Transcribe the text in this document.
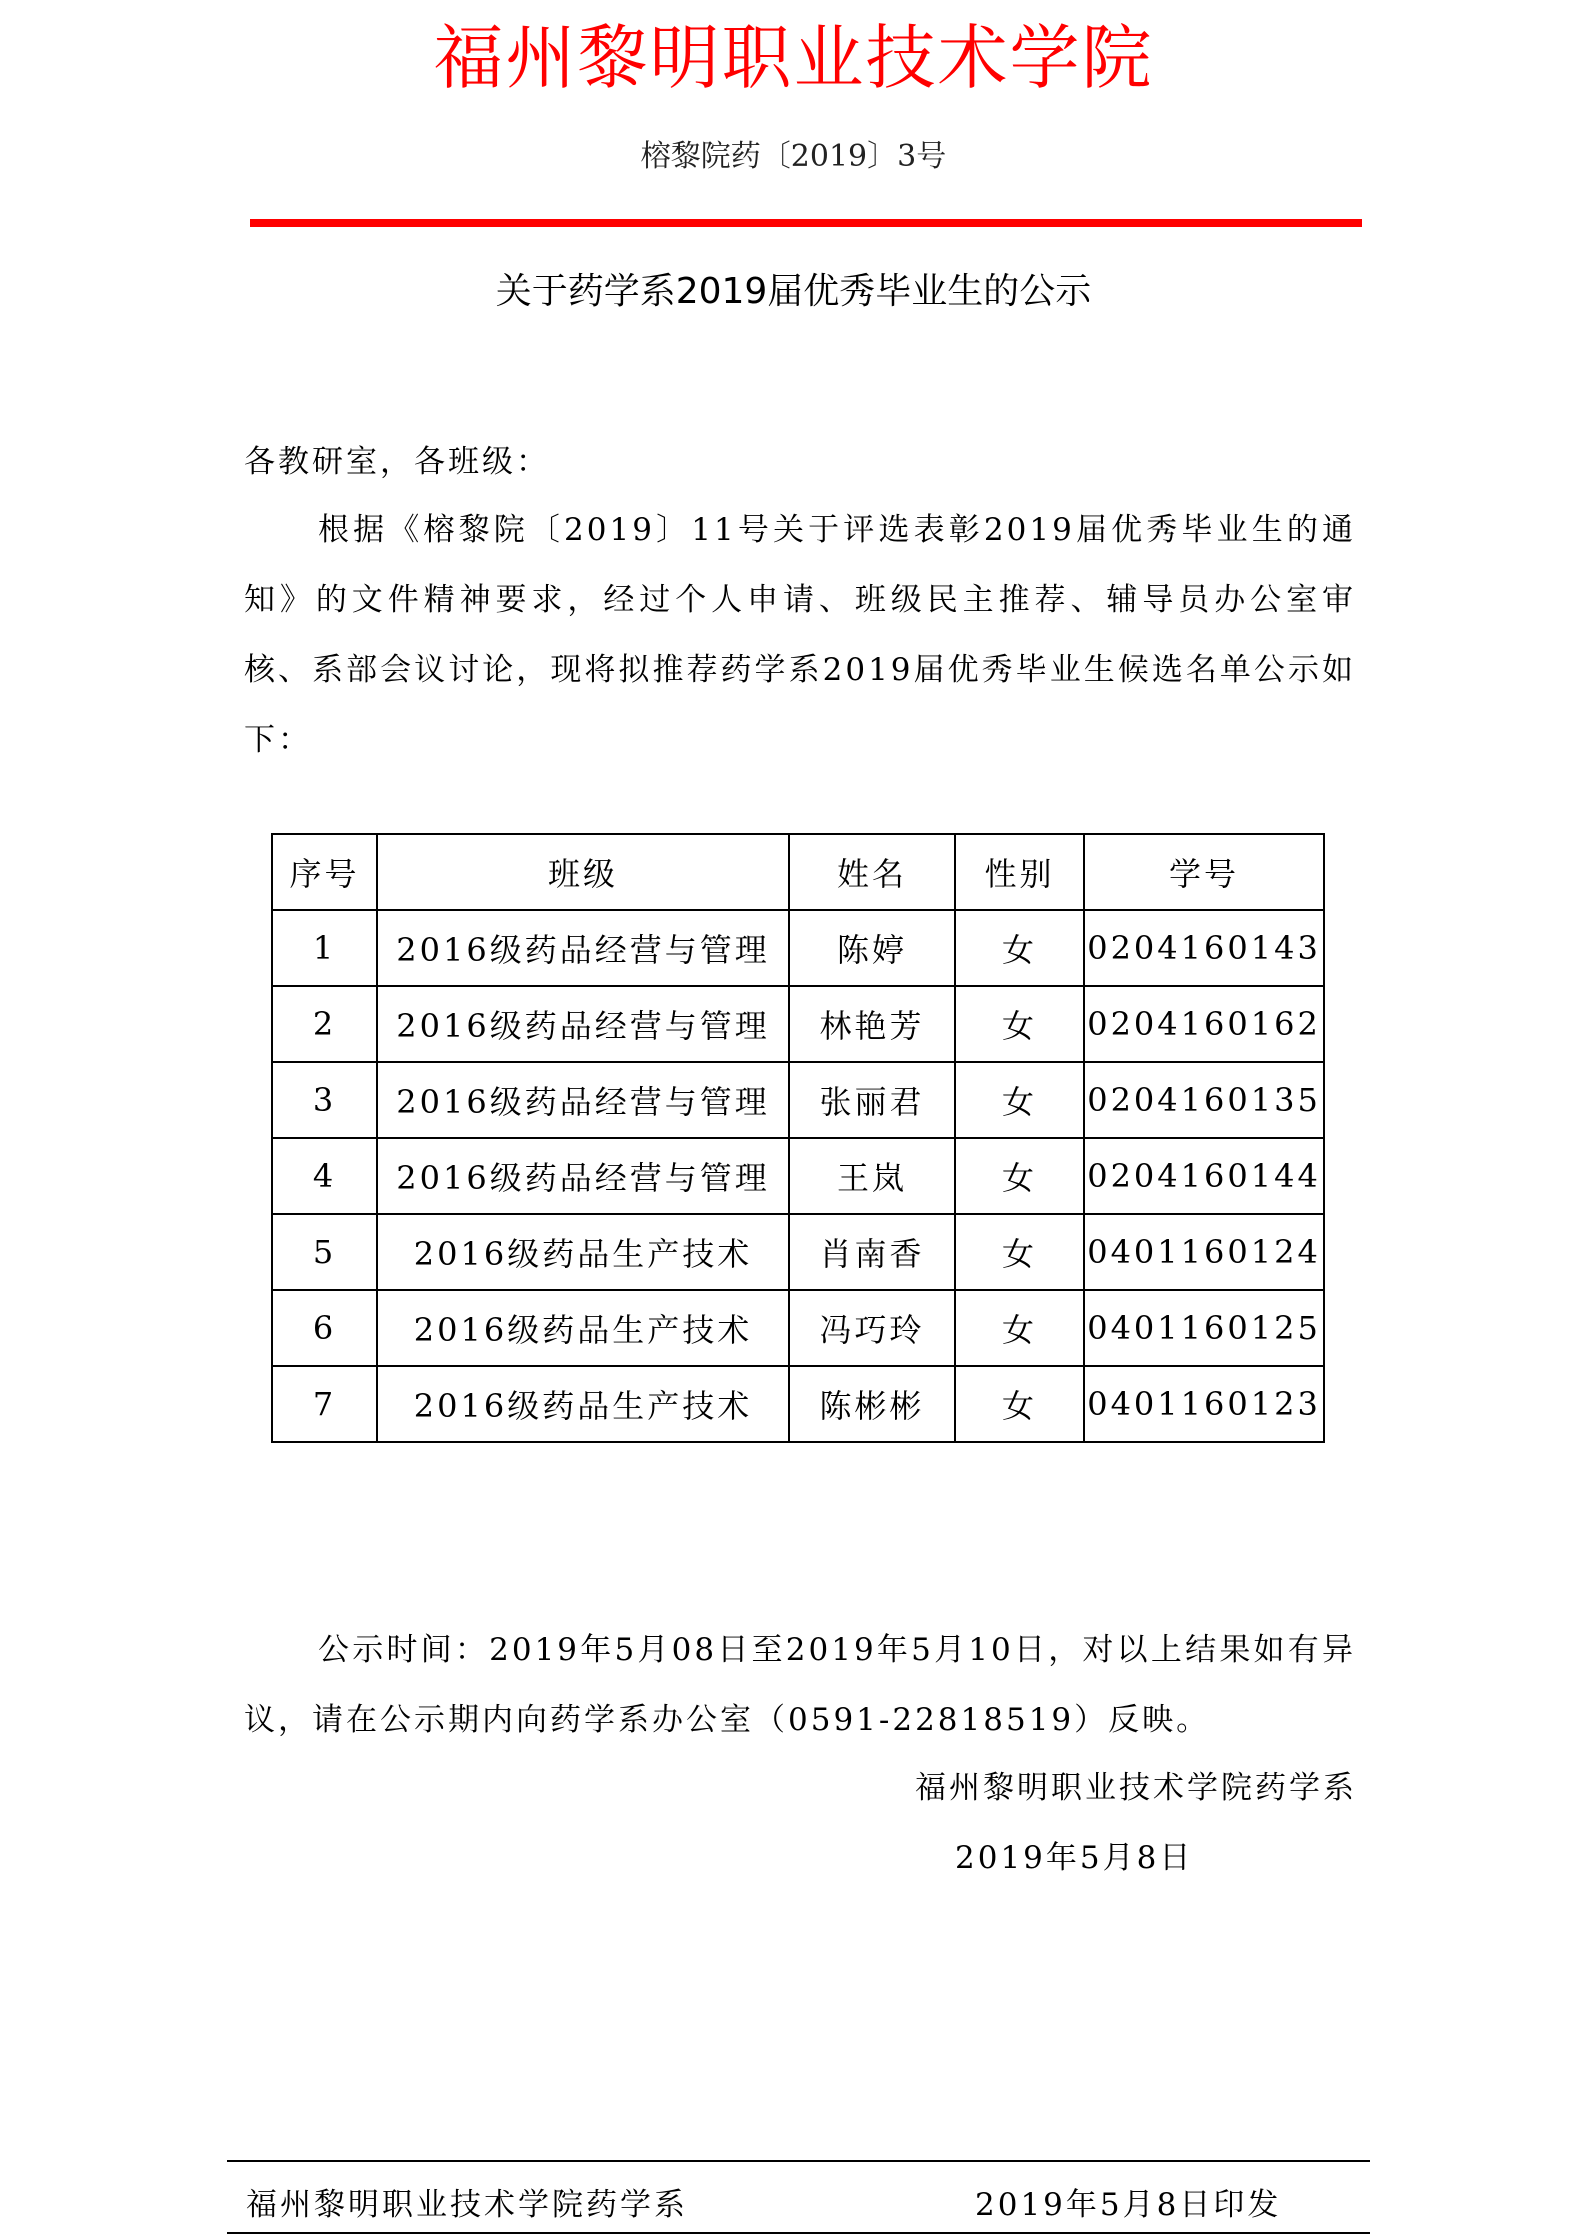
福州黎明职业技术学院
榕黎院药〔2019〕3号
关于药学系2019届优秀毕业生的公示
各教研室，各班级：
根据《榕黎院〔2019〕11号关于评选表彰2019届优秀毕业生的通知》的文件精神要求，经过个人申请、班级民主推荐、辅导员办公室审核、系部会议讨论，现将拟推荐药学系2019届优秀毕业生候选名单公示如下：
序号	班级	姓名	性别	学号
1	2016级药品经营与管理	陈婷	女	0204160143
2	2016级药品经营与管理	林艳芳	女	0204160162
3	2016级药品经营与管理	张丽君	女	0204160135
4	2016级药品经营与管理	王岚	女	0204160144
5	2016级药品生产技术	肖南香	女	0401160124
6	2016级药品生产技术	冯巧玲	女	0401160125
7	2016级药品生产技术	陈彬彬	女	0401160123
公示时间：2019年5月08日至2019年5月10日，对以上结果如有异议，请在公示期内向药学系办公室（0591-22818519）反映。
福州黎明职业技术学院药学系
2019年5月8日
福州黎明职业技术学院药学系	2019年5月8日印发
